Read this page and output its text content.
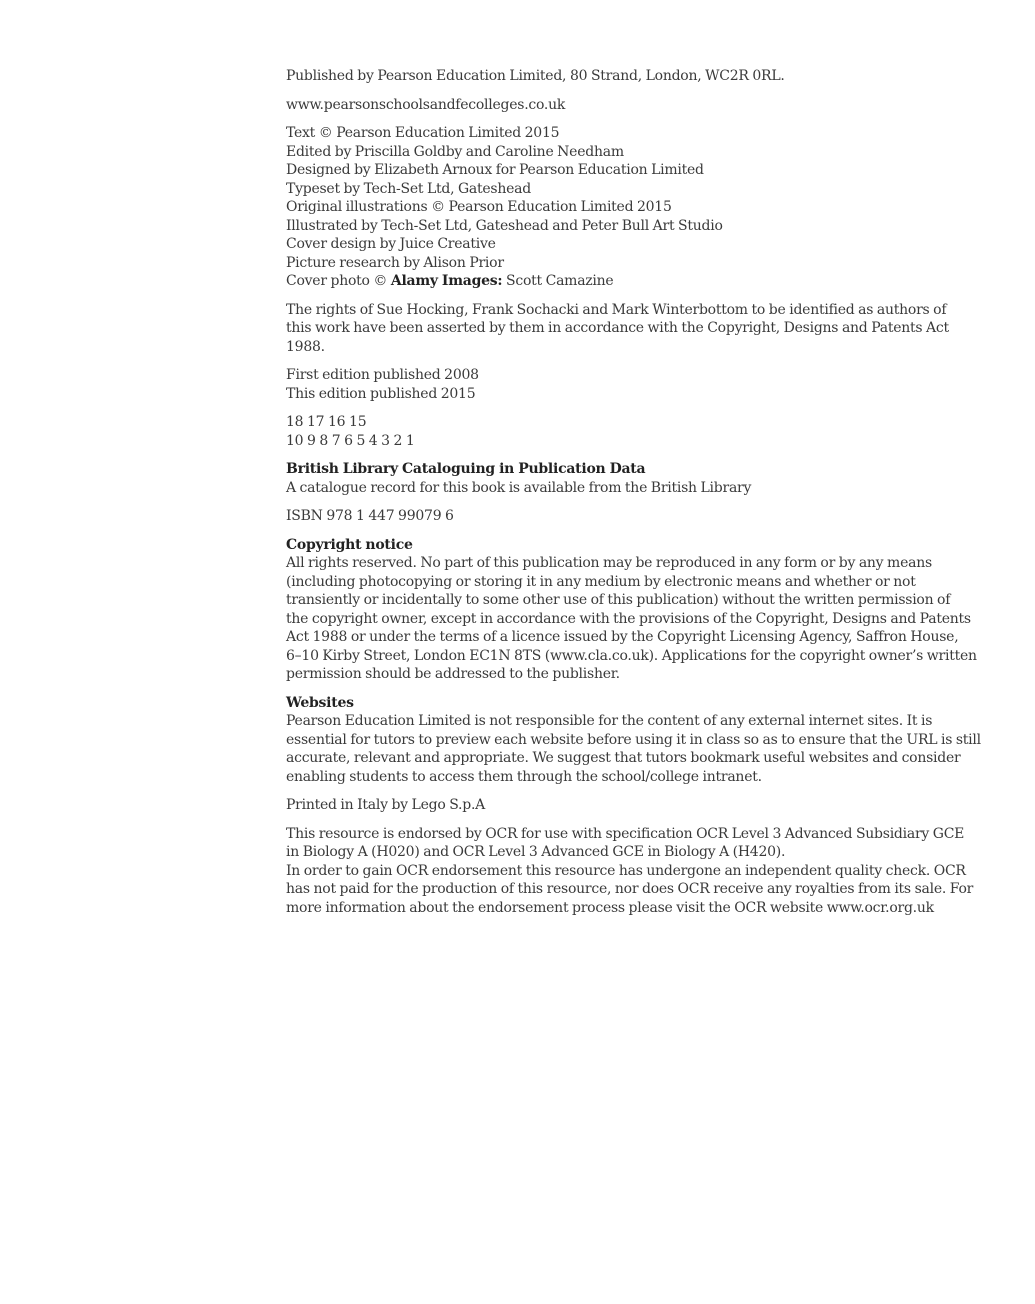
Published by Pearson Education Limited, 80 Strand, London, WC2R 0RL.
www.pearsonschoolsandfecolleges.co.uk
Text © Pearson Education Limited 2015
Edited by Priscilla Goldby and Caroline Needham
Designed by Elizabeth Arnoux for Pearson Education Limited
Typeset by Tech-Set Ltd, Gateshead
Original illustrations © Pearson Education Limited 2015
Illustrated by Tech-Set Ltd, Gateshead and Peter Bull Art Studio
Cover design by Juice Creative
Picture research by Alison Prior
Cover photo © Alamy Images: Scott Camazine
The rights of Sue Hocking, Frank Sochacki and Mark Winterbottom to be identified as authors of
this work have been asserted by them in accordance with the Copyright, Designs and Patents Act
1988.
First edition published 2008
This edition published 2015
18 17 16 15
10 9 8 7 6 5 4 3 2 1
British Library Cataloguing in Publication Data
A catalogue record for this book is available from the British Library
ISBN 978 1 447 99079 6
Copyright notice
All rights reserved. No part of this publication may be reproduced in any form or by any means
(including photocopying or storing it in any medium by electronic means and whether or not
transiently or incidentally to some other use of this publication) without the written permission of
the copyright owner, except in accordance with the provisions of the Copyright, Designs and Patents
Act 1988 or under the terms of a licence issued by the Copyright Licensing Agency, Saffron House,
6–10 Kirby Street, London EC1N 8TS (www.cla.co.uk). Applications for the copyright owner’s written
permission should be addressed to the publisher.
Websites
Pearson Education Limited is not responsible for the content of any external internet sites. It is
essential for tutors to preview each website before using it in class so as to ensure that the URL is still
accurate, relevant and appropriate. We suggest that tutors bookmark useful websites and consider
enabling students to access them through the school/college intranet.
Printed in Italy by Lego S.p.A
This resource is endorsed by OCR for use with specification OCR Level 3 Advanced Subsidiary GCE
in Biology A (H020) and OCR Level 3 Advanced GCE in Biology A (H420).
In order to gain OCR endorsement this resource has undergone an independent quality check. OCR
has not paid for the production of this resource, nor does OCR receive any royalties from its sale. For
more information about the endorsement process please visit the OCR website www.ocr.org.uk
